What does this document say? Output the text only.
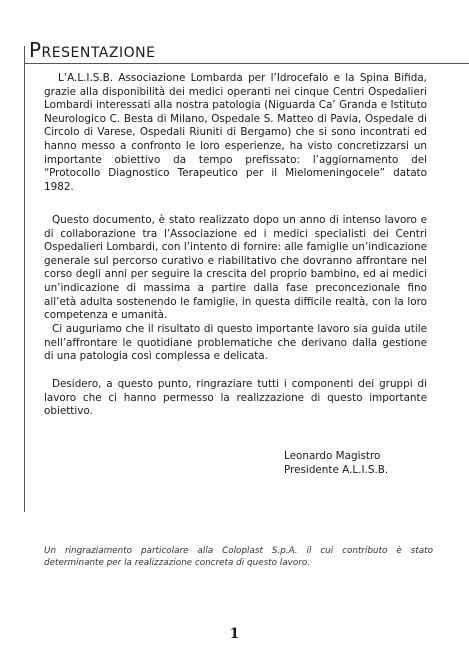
Presentazione

L’A.L.I.S.B. Associazione Lombarda per l’Idrocefalo e la Spina Bifida, grazie alla disponibilità dei medici operanti nei cinque Centri Ospedalieri Lombardi interessati alla nostra patologia (Niguarda Ca’ Granda e Istituto Neurologico C. Besta di Milano, Ospedale S. Matteo di Pavia, Ospedale di Circolo di Varese, Ospedali Riuniti di Bergamo) che si sono incontrati ed hanno messo a confronto le loro esperienze, ha visto concretizzarsi un importante obiettivo da tempo prefissato: l’aggiornamento del “Protocollo Diagnostico Terapeutico per il Mielomeningocele” datato 1982.

Questo documento, è stato realizzato dopo un anno di intenso lavoro e di collaborazione tra l’Associazione ed i medici specialisti dei Centri Ospedalieri Lombardi, con l’intento di fornire: alle famiglie un’indicazione generale sul percorso curativo e riabilitativo che dovranno affrontare nel corso degli anni per seguire la crescita del proprio bambino, ed ai medici un’indicazione di massima a partire dalla fase preconcezionale fino all’età adulta sostenendo le famiglie, in questa difficile realtà, con la loro competenza e umanità.

Ci auguriamo che il risultato di questo importante lavoro sia guida utile nell’affrontare le quotidiane problematiche che derivano dalla gestione di una patologia così complessa e delicata.

Desidero, a questo punto, ringraziare tutti i componenti dei gruppi di lavoro che ci hanno permesso la realizzazione di questo importante obiettivo.

Leonardo Magistro
Presidente A.L.I.S.B.

Un ringraziamento particolare alla Coloplast S.p.A. il cui contributo è stato determinante per la realizzazione concreta di questo lavoro.

1
